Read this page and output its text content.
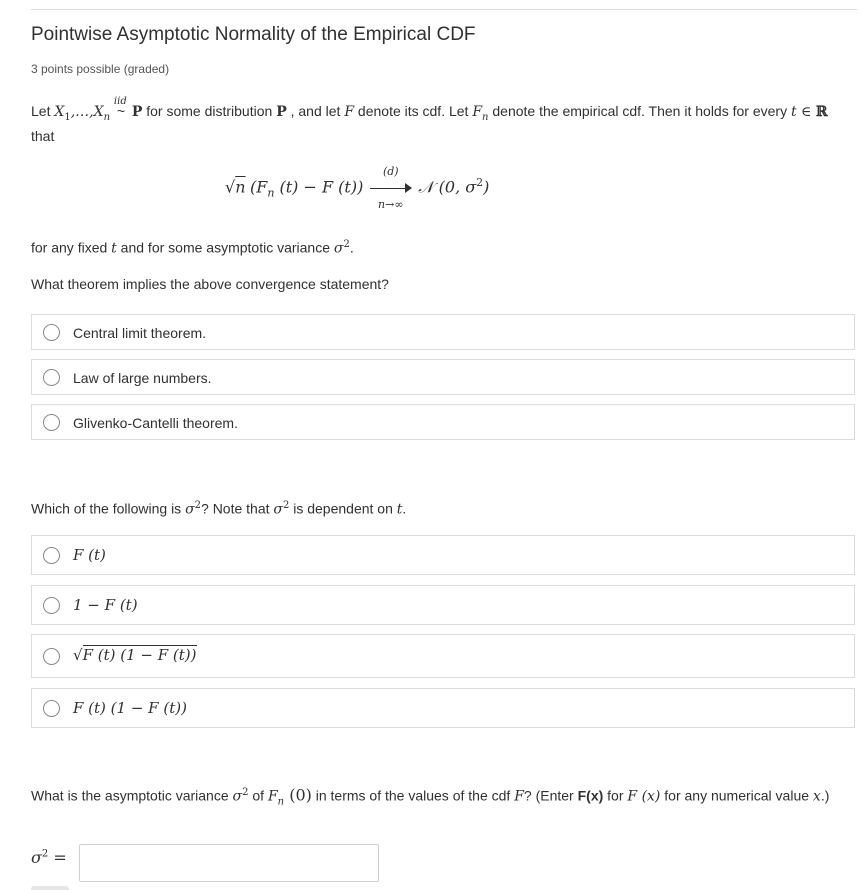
Pointwise Asymptotic Normality of the Empirical CDF
3 points possible (graded)
Let $X_1,\dots,X_n$
iid
~ P for some distribution P , and let F denote its cdf. Let $F_n$ denote the empirical cdf. Then it holds for every t ∈ ℝ that
√n ($F_n$ (t) − F $(t)) \frac{(d)}{n\to\infty}$ 𝒩 (0, $\sigma^2$)
for any fixed t and for some asymptotic variance $\sigma^2$.
What theorem implies the above convergence statement?
Central limit theorem.
Law of large numbers.
Glivenko-Cantelli theorem.
Which of the following is $\sigma^2$? Note that $\sigma^2$ is dependent on t.
F (t)
1 − F (t)
√F (t) (1 − F (t))
F (t) (1 − F (t))
What is the asymptotic variance $\sigma^2$ of $F_n$ (0) in terms of the values of the cdf F? (Enter F(x) for F (x) for any numerical value x.)
$\sigma^2$ =
